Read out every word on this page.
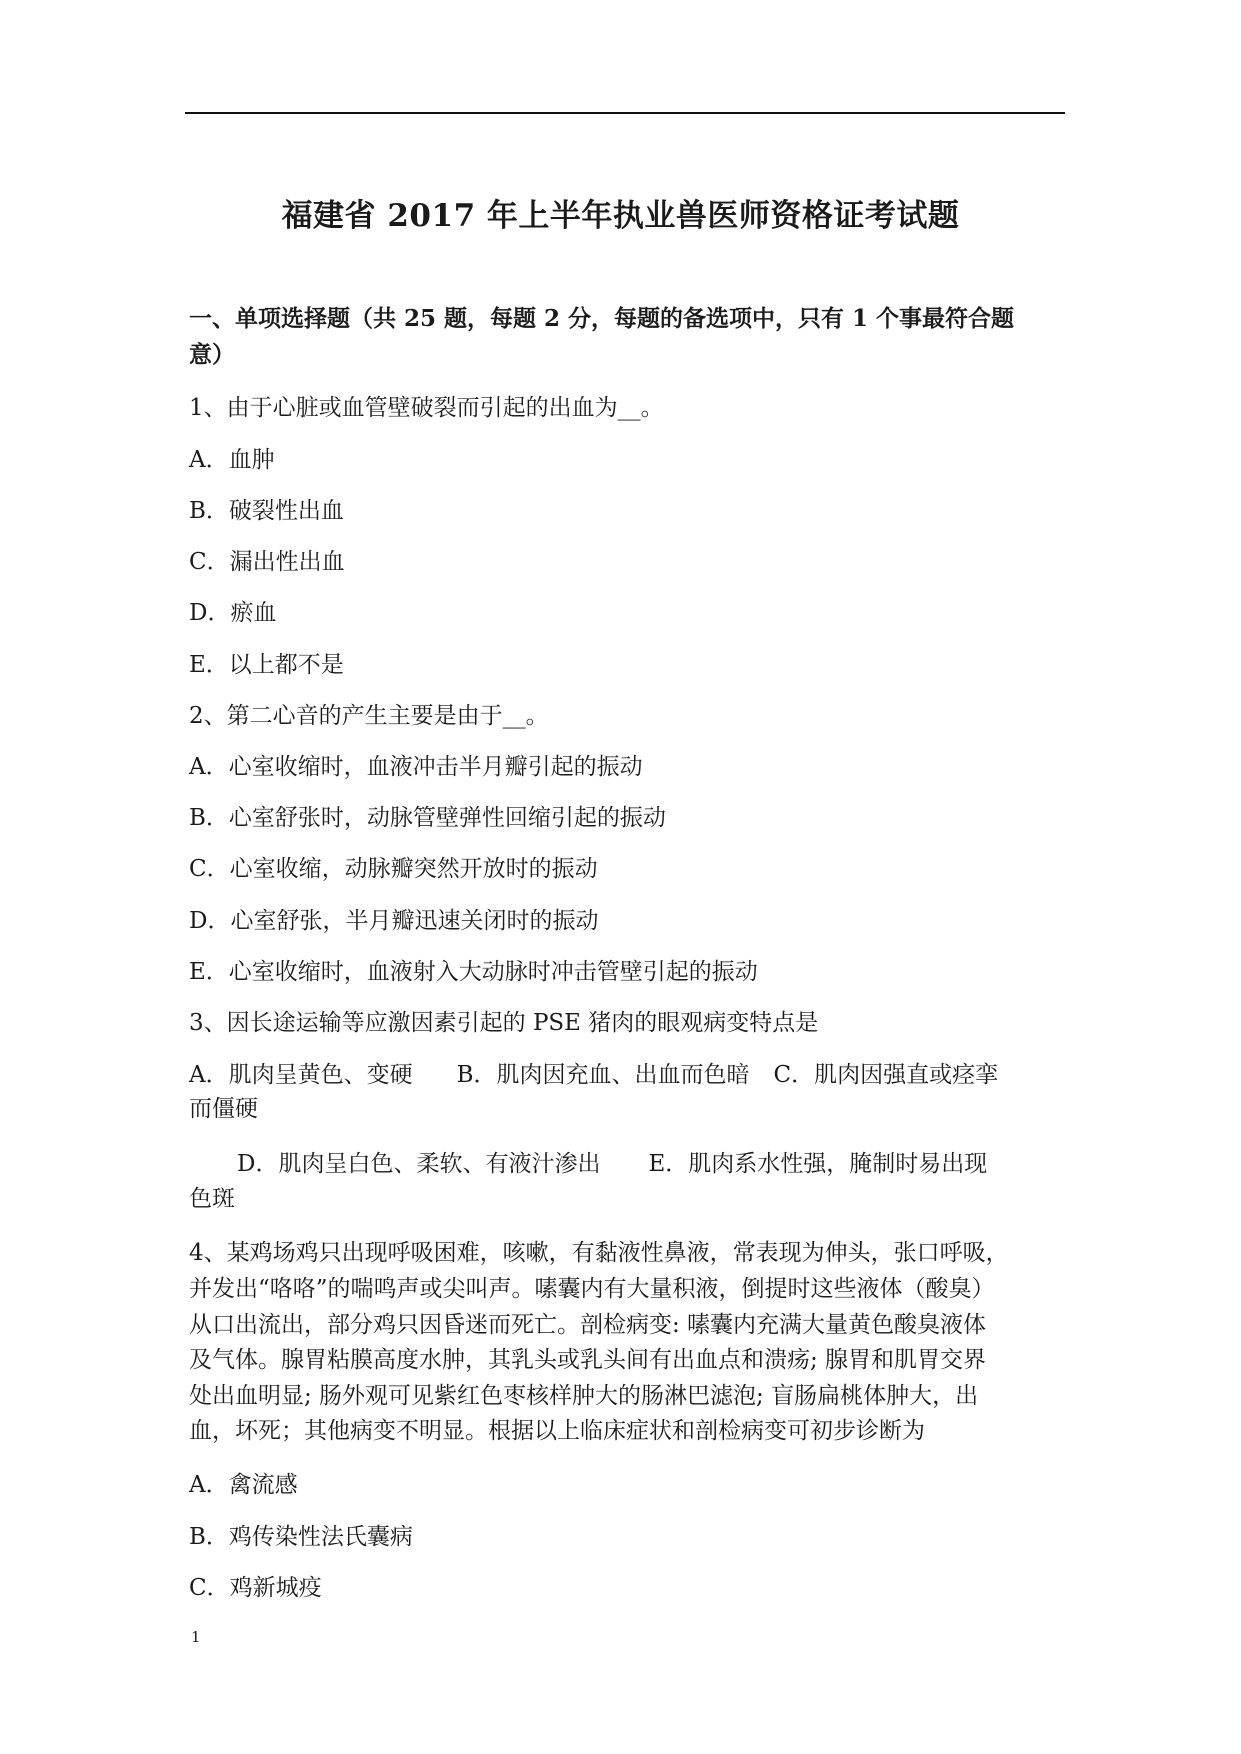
福建省 2017 年上半年执业兽医师资格证考试题
一、单项选择题（共 25 题，每题 2 分，每题的备选项中，只有 1 个事最符合题
意）
1、由于心脏或血管壁破裂而引起的出血为__。
A．血肿
B．破裂性出血
C．漏出性出血
D．瘀血
E．以上都不是
2、第二心音的产生主要是由于__。
A．心室收缩时，血液冲击半月瓣引起的振动
B．心室舒张时，动脉管壁弹性回缩引起的振动
C．心室收缩，动脉瓣突然开放时的振动
D．心室舒张，半月瓣迅速关闭时的振动
E．心室收缩时，血液射入大动脉时冲击管壁引起的振动
3、因长途运输等应激因素引起的 PSE 猪肉的眼观病变特点是
A．肌肉呈黄色、变硬 B．肌肉因充血、出血而色暗 C．肌肉因强直或痉挛
而僵硬
D．肌肉呈白色、柔软、有液汁渗出 E．肌肉系水性强，腌制时易出现
色斑
4、某鸡场鸡只出现呼吸困难，咳嗽，有黏液性鼻液，常表现为伸头，张口呼吸，
并发出“咯咯”的喘鸣声或尖叫声。嗉囊内有大量积液，倒提时这些液体（酸臭）
从口出流出，部分鸡只因昏迷而死亡。剖检病变: 嗉囊内充满大量黄色酸臭液体
及气体。腺胃粘膜高度水肿，其乳头或乳头间有出血点和溃疡; 腺胃和肌胃交界
处出血明显; 肠外观可见紫红色枣核样肿大的肠淋巴滤泡; 盲肠扁桃体肿大，出
血，坏死；其他病变不明显。根据以上临床症状和剖检病变可初步诊断为
A．禽流感
B．鸡传染性法氏囊病
C．鸡新城疫
1
